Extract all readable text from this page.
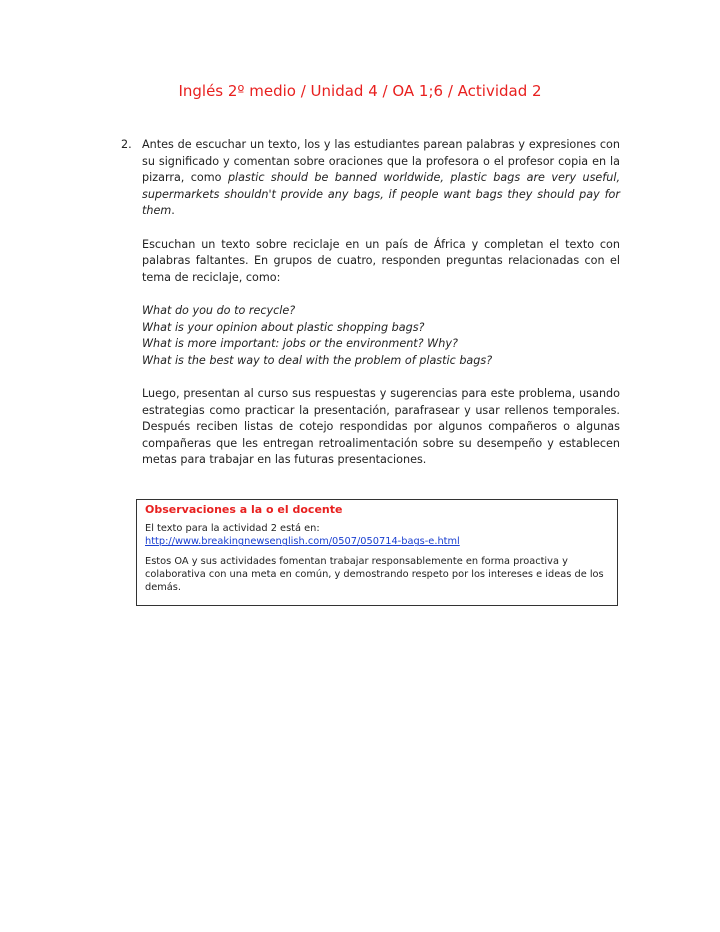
Inglés 2º medio / Unidad 4 / OA 1;6 / Actividad 2
2. Antes de escuchar un texto, los y las estudiantes parean palabras y expresiones con su significado y comentan sobre oraciones que la profesora o el profesor copia en la pizarra, como plastic should be banned worldwide, plastic bags are very useful, supermarkets shouldn't provide any bags, if people want bags they should pay for them.

Escuchan un texto sobre reciclaje en un país de África y completan el texto con palabras faltantes. En grupos de cuatro, responden preguntas relacionadas con el tema de reciclaje, como:

What do you do to recycle?
What is your opinion about plastic shopping bags?
What is more important: jobs or the environment? Why?
What is the best way to deal with the problem of plastic bags?

Luego, presentan al curso sus respuestas y sugerencias para este problema, usando estrategias como practicar la presentación, parafrasear y usar rellenos temporales. Después reciben listas de cotejo respondidas por algunos compañeros o algunas compañeras que les entregan retroalimentación sobre su desempeño y establecen metas para trabajar en las futuras presentaciones.

Observaciones a la o el docente

El texto para la actividad 2 está en:

http://www.breakingnewsenglish.com/0507/050714-bags-e.html

Estos OA y sus actividades fomentan trabajar responsablemente en forma proactiva y colaborativa con una meta en común, y demostrando respeto por los intereses e ideas de los demás.
